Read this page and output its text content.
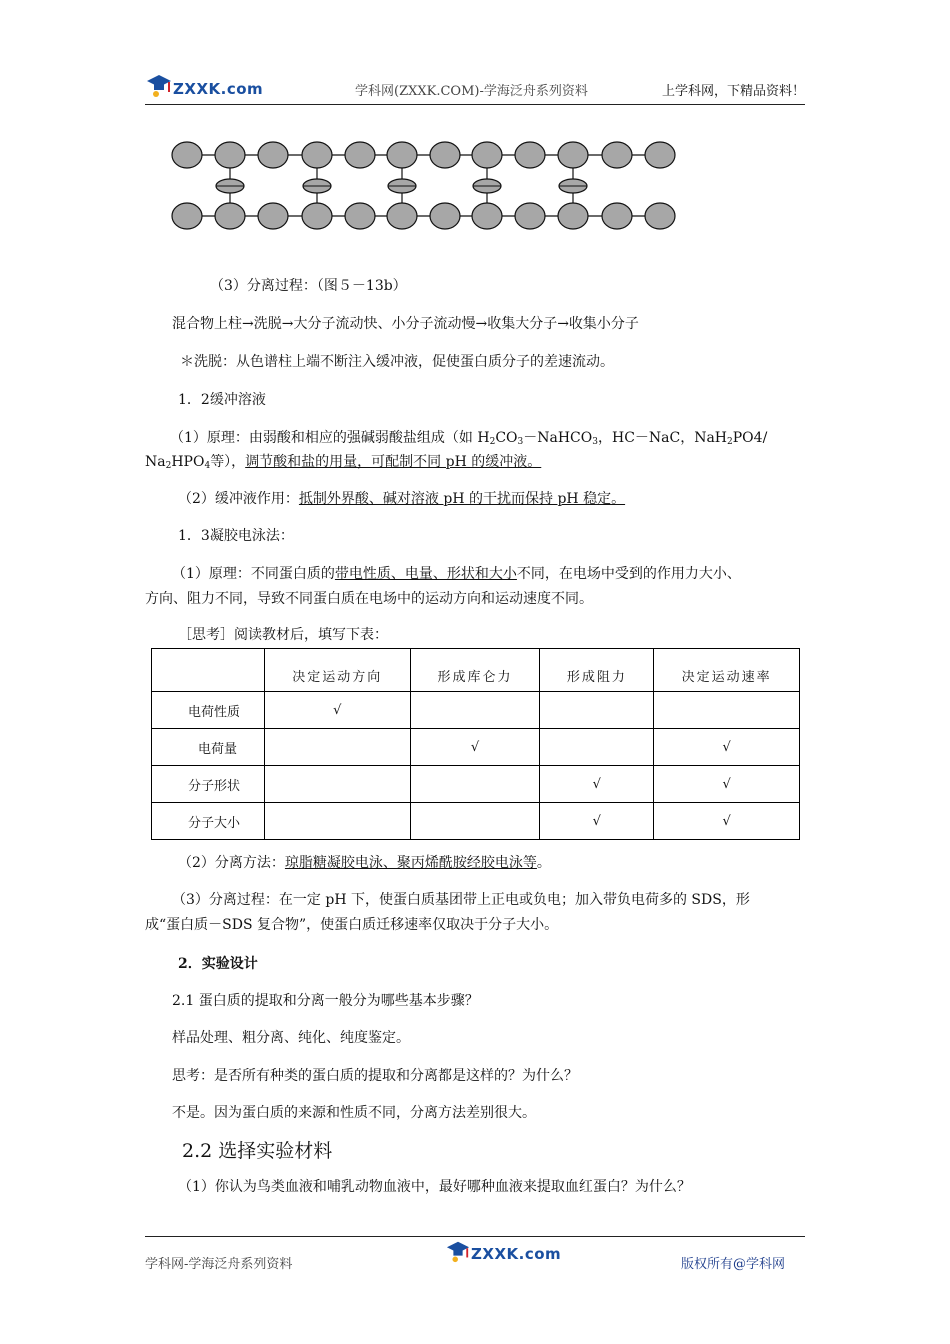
ZXXK.com	学科网(ZXXK.COM)-学海泛舟系列资料	上学科网，下精品资料！
（3）分离过程：（图５－13b）
混合物上柱→洗脱→大分子流动快、小分子流动慢→收集大分子→收集小分子
＊洗脱：从色谱柱上端不断注入缓冲液，促使蛋白质分子的差速流动。
1．2缓冲溶液
（1）原理：由弱酸和相应的强碱弱酸盐组成（如 $H_2CO_3-NaHCO_3$，HC－NaC，NaH$_2$PO4/
$Na_2HPO_4$等），调节酸和盐的用量，可配制不同 pH 的缓冲液。
（2）缓冲液作用：抵制外界酸、碱对溶液 pH 的干扰而保持 pH 稳定。
1．3凝胶电泳法：
（1）原理：不同蛋白质的带电性质、电量、形状和大小不同，在电场中受到的作用力大小、
方向、阻力不同，导致不同蛋白质在电场中的运动方向和运动速度不同。
［思考］阅读教材后，填写下表：
	决定运动方向	形成库仑力	形成阻力	决定运动速率
电荷性质	√			
电荷量		√		√
分子形状			√	√
分子大小			√	√
（2）分离方法：琼脂糖凝胶电泳、聚丙烯酰胺经胶电泳等。
（3）分离过程：在一定 pH 下，使蛋白质基团带上正电或负电；加入带负电荷多的 SDS，形
成“蛋白质－SDS 复合物”，使蛋白质迁移速率仅取决于分子大小。
2．实验设计
2.1 蛋白质的提取和分离一般分为哪些基本步骤？
样品处理、粗分离、纯化、纯度鉴定。
思考：是否所有种类的蛋白质的提取和分离都是这样的？为什么？
不是。因为蛋白质的来源和性质不同，分离方法差别很大。
2.2 选择实验材料
（1）你认为鸟类血液和哺乳动物血液中，最好哪种血液来提取血红蛋白？为什么？
学科网-学海泛舟系列资料
ZXXK.com
版权所有@学科网
